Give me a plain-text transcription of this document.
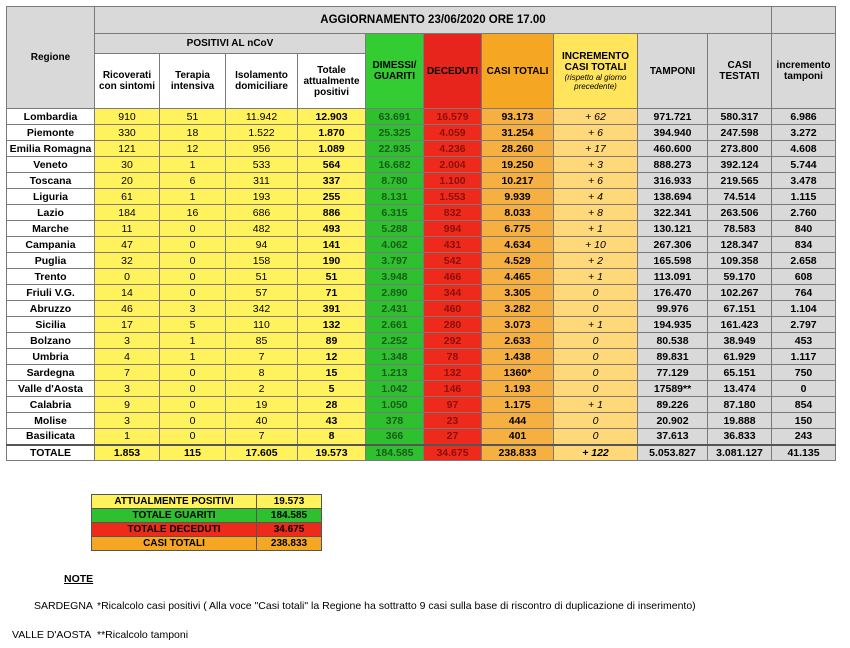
Regione	AGGIORNAMENTO 23/06/2020 ORE 17.00										
	POSITIVI AL nCoV				DIMESSI/ GUARITI	DECEDUTI	CASI TOTALI	INCREMENTO CASI TOTALI
(rispetto al giorno precedente)	TAMPONI	CASI TESTATI	incremento tamponi
	Ricoverati con sintomi	Terapia intensiva	Isolamento domiciliare	Totale attualmente positivi							
Lombardia	910	51	11.942	12.903	63.691	16.579	93.173	+ 62	971.721	580.317	6.986
Piemonte	330	18	1.522	1.870	25.325	4.059	31.254	+ 6	394.940	247.598	3.272
Emilia Romagna	121	12	956	1.089	22.935	4.236	28.260	+ 17	460.600	273.800	4.608
Veneto	30	1	533	564	16.682	2.004	19.250	+ 3	888.273	392.124	5.744
Toscana	20	6	311	337	8.780	1.100	10.217	+ 6	316.933	219.565	3.478
Liguria	61	1	193	255	8.131	1.553	9.939	+ 4	138.694	74.514	1.115
Lazio	184	16	686	886	6.315	832	8.033	+ 8	322.341	263.506	2.760
Marche	11	0	482	493	5.288	994	6.775	+ 1	130.121	78.583	840
Campania	47	0	94	141	4.062	431	4.634	+ 10	267.306	128.347	834
Puglia	32	0	158	190	3.797	542	4.529	+ 2	165.598	109.358	2.658
Trento	0	0	51	51	3.948	466	4.465	+ 1	113.091	59.170	608
Friuli V.G.	14	0	57	71	2.890	344	3.305	0	176.470	102.267	764
Abruzzo	46	3	342	391	2.431	460	3.282	0	99.976	67.151	1.104
Sicilia	17	5	110	132	2.661	280	3.073	+ 1	194.935	161.423	2.797
Bolzano	3	1	85	89	2.252	292	2.633	0	80.538	38.949	453
Umbria	4	1	7	12	1.348	78	1.438	0	89.831	61.929	1.117
Sardegna	7	0	8	15	1.213	132	1360*	0	77.129	65.151	750
Valle d'Aosta	3	0	2	5	1.042	146	1.193	0	17589**	13.474	0
Calabria	9	0	19	28	1.050	97	1.175	+ 1	89.226	87.180	854
Molise	3	0	40	43	378	23	444	0	20.902	19.888	150
Basilicata	1	0	7	8	366	27	401	0	37.613	36.833	243
TOTALE	1.853	115	17.605	19.573	184.585	34.675	238.833	+ 122	5.053.827	3.081.127	41.135
ATTUALMENTE POSITIVI	19.573
TOTALE GUARITI	184.585
TOTALE DECEDUTI	34.675
CASI TOTALI	238.833
NOTE
SARDEGNA *Ricalcolo casi positivi ( Alla voce "Casi totali" la Regione ha sottratto 9 casi sulla base di riscontro di duplicazione di inserimento)
VALLE D'AOSTA **Ricalcolo tamponi
